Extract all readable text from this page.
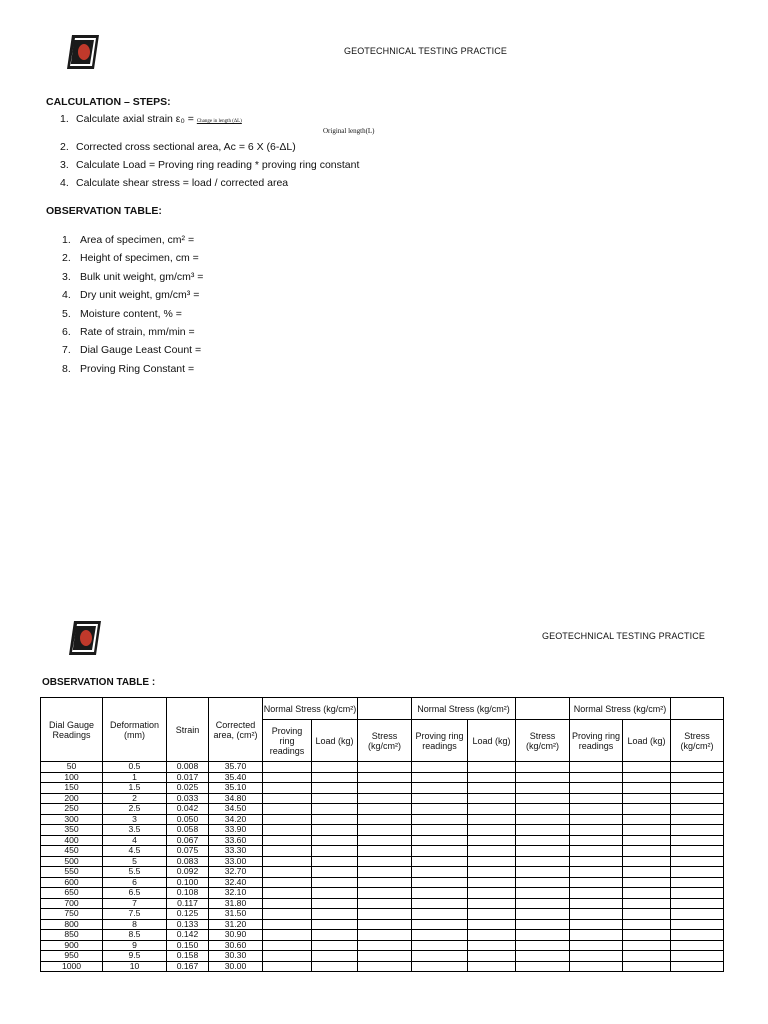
GEOTECHNICAL TESTING PRACTICE
CALCULATION – STEPS:
1. Calculate axial strain ε₀ = Change in length (ΔL)
Original length(L)
2. Corrected cross sectional area, Aᴄ = 6 X (6-ΔL)
3. Calculate Load = Proving ring reading * proving ring constant
4. Calculate shear stress = load / corrected area
OBSERVATION TABLE:
1. Area of specimen, cm² =
2. Height of specimen, cm =
3. Bulk unit weight, gm/cm³ =
4. Dry unit weight, gm/cm³ =
5. Moisture content, % =
6. Rate of strain, mm/min =
7. Dial Gauge Least Count =
8. Proving Ring Constant =
GEOTECHNICAL TESTING PRACTICE
OBSERVATION TABLE :
Dial Gauge Readings	Deformation (mm)	Strain	Corrected area, (cm²)	Normal Stress (kg/cm²)			Normal Stress (kg/cm²)			Normal Stress (kg/cm²)		
				Proving ring readings	Load (kg)	Stress (kg/cm²)	Proving ring readings	Load (kg)	Stress (kg/cm²)	Proving ring readings	Load (kg)	Stress (kg/cm²)
50	0.5	0.008	35.70									
100	1	0.017	35.40									
150	1.5	0.025	35.10									
200	2	0.033	34.80									
250	2.5	0.042	34.50									
300	3	0.050	34.20									
350	3.5	0.058	33.90									
400	4	0.067	33.60									
450	4.5	0.075	33.30									
500	5	0.083	33.00									
550	5.5	0.092	32.70									
600	6	0.100	32.40									
650	6.5	0.108	32.10									
700	7	0.117	31.80									
750	7.5	0.125	31.50									
800	8	0.133	31.20									
850	8.5	0.142	30.90									
900	9	0.150	30.60									
950	9.5	0.158	30.30									
1000	10	0.167	30.00									
